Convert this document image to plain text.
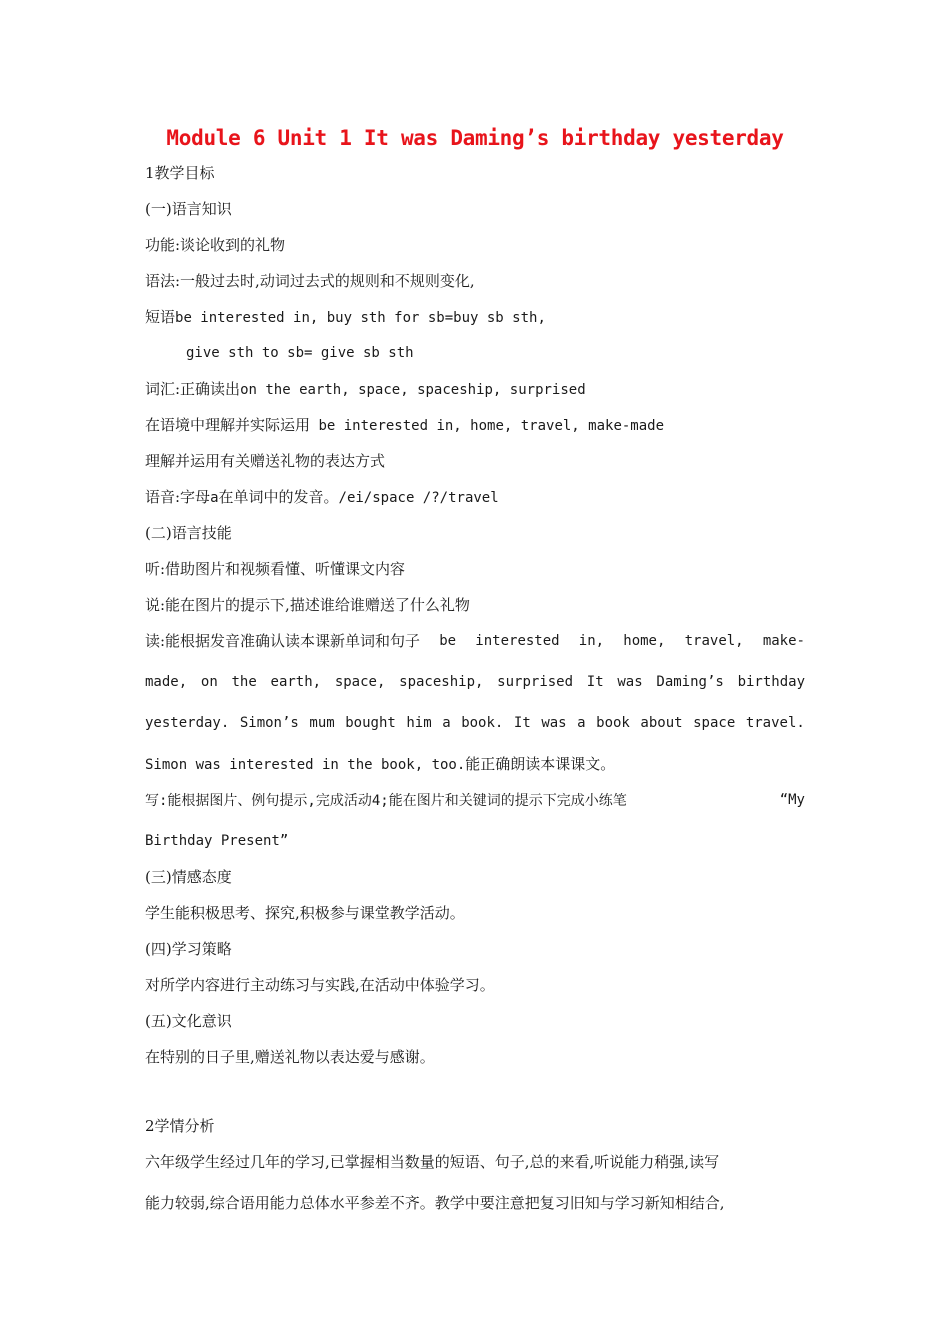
Module 6 Unit 1 It was Daming’s birthday yesterday
1教学目标
(一)语言知识
功能:谈论收到的礼物
语法:一般过去时,动词过去式的规则和不规则变化,
短语be interested in, buy sth for sb=buy sb sth,
give sth to sb= give sb sth
词汇:正确读出on the earth, space, spaceship, surprised
在语境中理解并实际运用 be interested in, home, travel, make-made
理解并运用有关赠送礼物的表达方式
语音:字母a在单词中的发音。/ei/space /?/travel
(二)语言技能
听:借助图片和视频看懂、听懂课文内容
说:能在图片的提示下,描述谁给谁赠送了什么礼物
读:能根据发音准确认读本课新单词和句子 be interested in, home, travel, make-
made, on the earth, space, spaceship, surprised It was Daming’s birthday
yesterday. Simon’s mum bought him a book. It was a book about space travel.
Simon was interested in the book, too.能正确朗读本课课文。
写:能根据图片、例句提示,完成活动4;能在图片和关键词的提示下完成小练笔	“My
Birthday Present”
(三)情感态度
学生能积极思考、探究,积极参与课堂教学活动。
(四)学习策略
对所学内容进行主动练习与实践,在活动中体验学习。
(五)文化意识
在特别的日子里,赠送礼物以表达爱与感谢。
2学情分析
六年级学生经过几年的学习,已掌握相当数量的短语、句子,总的来看,听说能力稍强,读写
能力较弱,综合语用能力总体水平参差不齐。教学中要注意把复习旧知与学习新知相结合,
